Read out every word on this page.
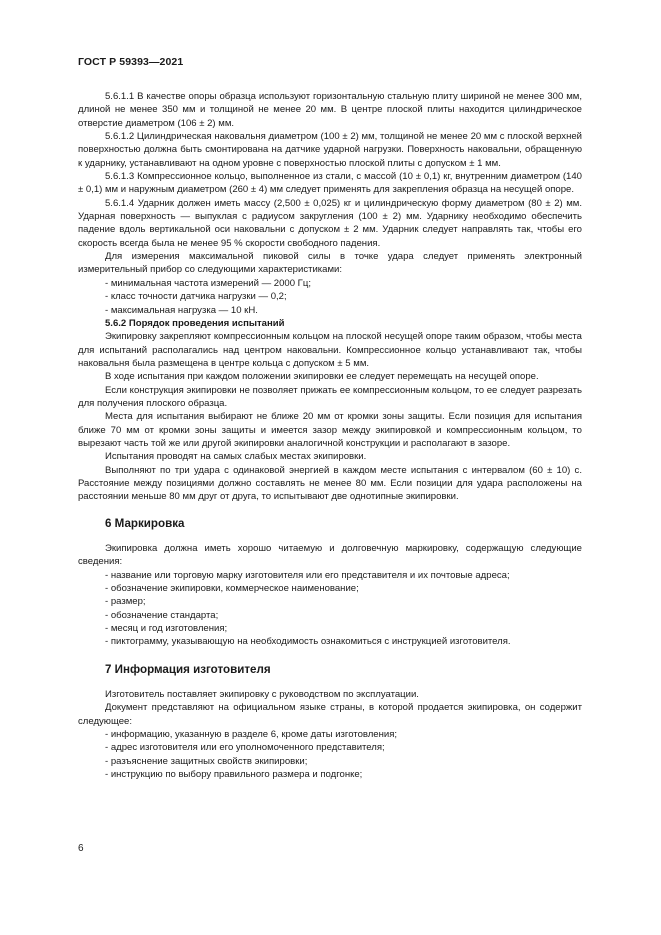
ГОСТ Р 59393—2021

5.6.1.1 В качестве опоры образца используют горизонтальную стальную плиту шириной не менее 300 мм, длиной не менее 350 мм и толщиной не менее 20 мм. В центре плоской плиты находится цилиндрическое отверстие диаметром (106 ± 2) мм.

5.6.1.2 Цилиндрическая наковальня диаметром (100 ± 2) мм, толщиной не менее 20 мм с плоской верхней поверхностью должна быть смонтирована на датчике ударной нагрузки. Поверхность наковальни, обращенную к ударнику, устанавливают на одном уровне с поверхностью плоской плиты с допуском ± 1 мм.

5.6.1.3 Компрессионное кольцо, выполненное из стали, с массой (10 ± 0,1) кг, внутренним диаметром (140 ± 0,1) мм и наружным диаметром (260 ± 4) мм следует применять для закрепления образца на несущей опоре.

5.6.1.4 Ударник должен иметь массу (2,500 ± 0,025) кг и цилиндрическую форму диаметром (80 ± 2) мм. Ударная поверхность — выпуклая с радиусом закругления (100 ± 2) мм. Ударнику необходимо обеспечить падение вдоль вертикальной оси наковальни с допуском ± 2 мм. Ударник следует направлять так, чтобы его скорость всегда была не менее 95 % скорости свободного падения.

Для измерения максимальной пиковой силы в точке удара следует применять электронный измерительный прибор со следующими характеристиками:

- минимальная частота измерений — 2000 Гц;

- класс точности датчика нагрузки — 0,2;

- максимальная нагрузка — 10 кН.

5.6.2 Порядок проведения испытаний

Экипировку закрепляют компрессионным кольцом на плоской несущей опоре таким образом, чтобы места для испытаний располагались над центром наковальни. Компрессионное кольцо устанавливают так, чтобы наковальня была размещена в центре кольца с допуском ± 5 мм.

В ходе испытания при каждом положении экипировки ее следует перемещать на несущей опоре.

Если конструкция экипировки не позволяет прижать ее компрессионным кольцом, то ее следует разрезать для получения плоского образца.

Места для испытания выбирают не ближе 20 мм от кромки зоны защиты. Если позиция для испытания ближе 70 мм от кромки зоны защиты и имеется зазор между экипировкой и компрессионным кольцом, то вырезают часть той же или другой экипировки аналогичной конструкции и располагают в зазоре.

Испытания проводят на самых слабых местах экипировки.

Выполняют по три удара с одинаковой энергией в каждом месте испытания с интервалом (60 ± 10) с. Расстояние между позициями должно составлять не менее 80 мм. Если позиции для удара расположены на расстоянии меньше 80 мм друг от друга, то испытывают две однотипные экипировки.

6 Маркировка

Экипировка должна иметь хорошо читаемую и долговечную маркировку, содержащую следующие сведения:

- название или торговую марку изготовителя или его представителя и их почтовые адреса;

- обозначение экипировки, коммерческое наименование;

- размер;

- обозначение стандарта;

- месяц и год изготовления;

- пиктограмму, указывающую на необходимость ознакомиться с инструкцией изготовителя.

7 Информация изготовителя

Изготовитель поставляет экипировку с руководством по эксплуатации.

Документ представляют на официальном языке страны, в которой продается экипировка, он содержит следующее:

- информацию, указанную в разделе 6, кроме даты изготовления;

- адрес изготовителя или его уполномоченного представителя;

- разъяснение защитных свойств экипировки;

- инструкцию по выбору правильного размера и подгонке;

6
